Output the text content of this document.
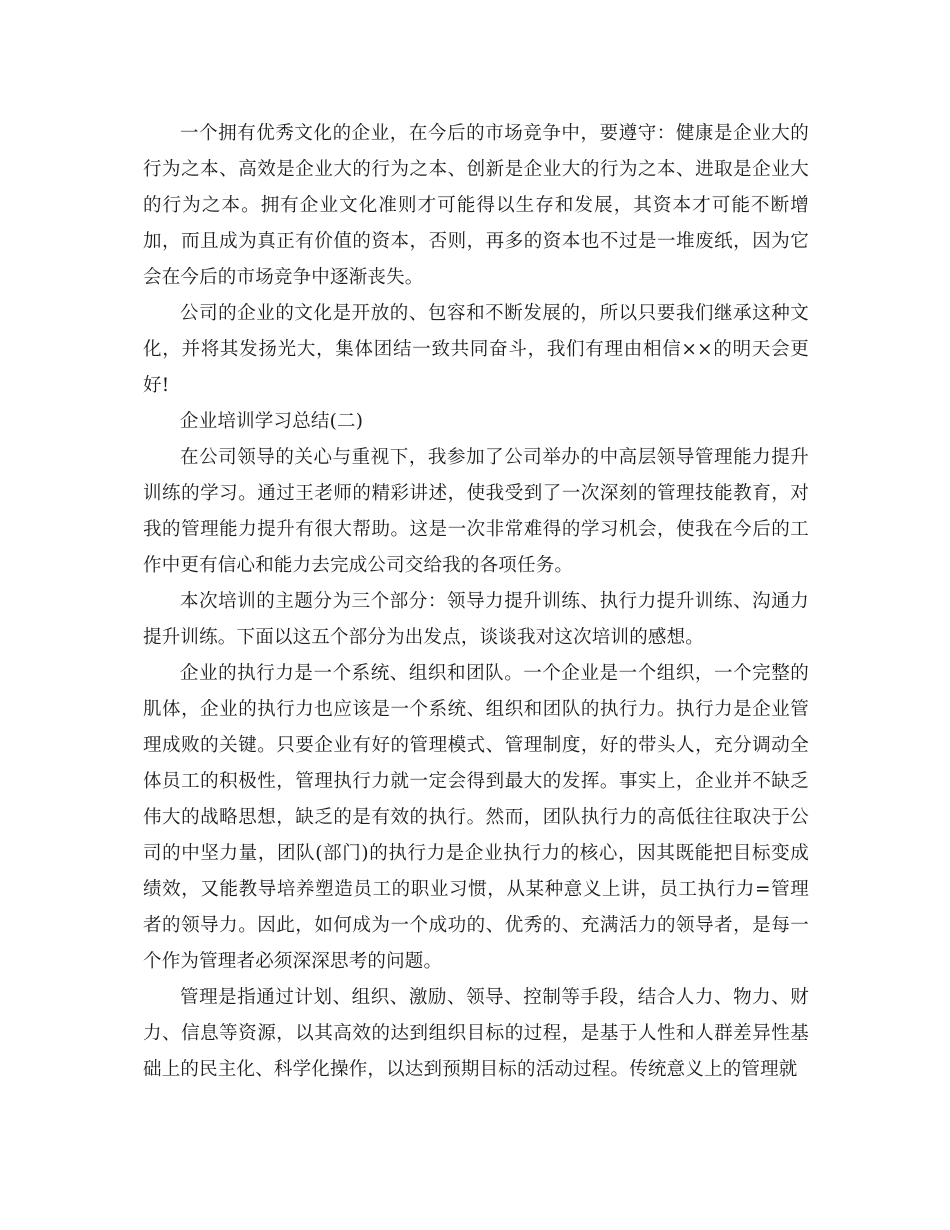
一个拥有优秀文化的企业，在今后的市场竞争中，要遵守：健康是企业大的行为之本、高效是企业大的行为之本、创新是企业大的行为之本、进取是企业大的行为之本。拥有企业文化准则才可能得以生存和发展，其资本才可能不断增加，而且成为真正有价值的资本，否则，再多的资本也不过是一堆废纸，因为它会在今后的市场竞争中逐渐丧失。

公司的企业的文化是开放的、包容和不断发展的，所以只要我们继承这种文化，并将其发扬光大，集体团结一致共同奋斗，我们有理由相信××的明天会更好!

企业培训学习总结(二)

在公司领导的关心与重视下，我参加了公司举办的中高层领导管理能力提升训练的学习。通过王老师的精彩讲述，使我受到了一次深刻的管理技能教育，对我的管理能力提升有很大帮助。这是一次非常难得的学习机会，使我在今后的工作中更有信心和能力去完成公司交给我的各项任务。

本次培训的主题分为三个部分：领导力提升训练、执行力提升训练、沟通力提升训练。下面以这五个部分为出发点，谈谈我对这次培训的感想。

企业的执行力是一个系统、组织和团队。一个企业是一个组织，一个完整的肌体，企业的执行力也应该是一个系统、组织和团队的执行力。执行力是企业管理成败的关键。只要企业有好的管理模式、管理制度，好的带头人，充分调动全体员工的积极性，管理执行力就一定会得到最大的发挥。事实上，企业并不缺乏伟大的战略思想，缺乏的是有效的执行。然而，团队执行力的高低往往取决于公司的中坚力量，团队(部门)的执行力是企业执行力的核心，因其既能把目标变成绩效，又能教导培养塑造员工的职业习惯，从某种意义上讲，员工执行力=管理者的领导力。因此，如何成为一个成功的、优秀的、充满活力的领导者，是每一个作为管理者必须深深思考的问题。

管理是指通过计划、组织、激励、领导、控制等手段，结合人力、物力、财力、信息等资源，以其高效的达到组织目标的过程，是基于人性和人群差异性基础上的民主化、科学化操作，以达到预期目标的活动过程。传统意义上的管理就
